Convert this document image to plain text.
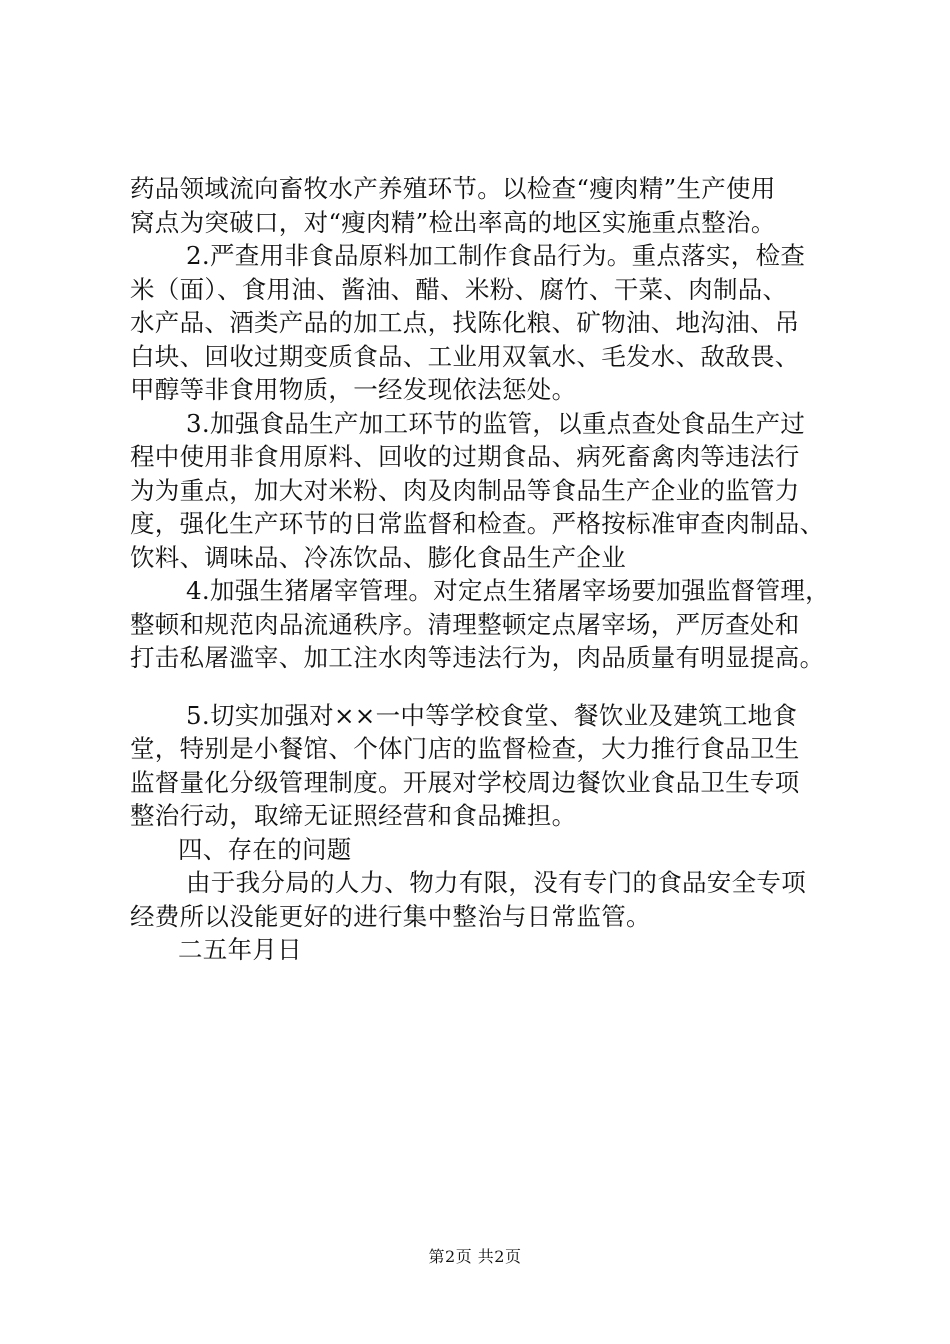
药品领域流向畜牧水产养殖环节。以检查“瘦肉精”生产使用
窝点为突破口，对“瘦肉精”检出率高的地区实施重点整治。
2.严查用非食品原料加工制作食品行为。重点落实，检查
米（面）、食用油、酱油、醋、米粉、腐竹、干菜、肉制品、
水产品、酒类产品的加工点，找陈化粮、矿物油、地沟油、吊
白块、回收过期变质食品、工业用双氧水、毛发水、敌敌畏、
甲醇等非食用物质，一经发现依法惩处。
3.加强食品生产加工环节的监管，以重点查处食品生产过
程中使用非食用原料、回收的过期食品、病死畜禽肉等违法行
为为重点，加大对米粉、肉及肉制品等食品生产企业的监管力
度，强化生产环节的日常监督和检查。严格按标准审查肉制品、
饮料、调味品、冷冻饮品、膨化食品生产企业
4.加强生猪屠宰管理。对定点生猪屠宰场要加强监督管理，
整顿和规范肉品流通秩序。清理整顿定点屠宰场，严厉查处和
打击私屠滥宰、加工注水肉等违法行为，肉品质量有明显提高。
5.切实加强对××一中等学校食堂、餐饮业及建筑工地食
堂，特别是小餐馆、个体门店的监督检查，大力推行食品卫生
监督量化分级管理制度。开展对学校周边餐饮业食品卫生专项
整治行动，取缔无证照经营和食品摊担。
四、存在的问题
由于我分局的人力、物力有限，没有专门的食品安全专项
经费所以没能更好的进行集中整治与日常监管。
二五年月日
第2页 共2页
